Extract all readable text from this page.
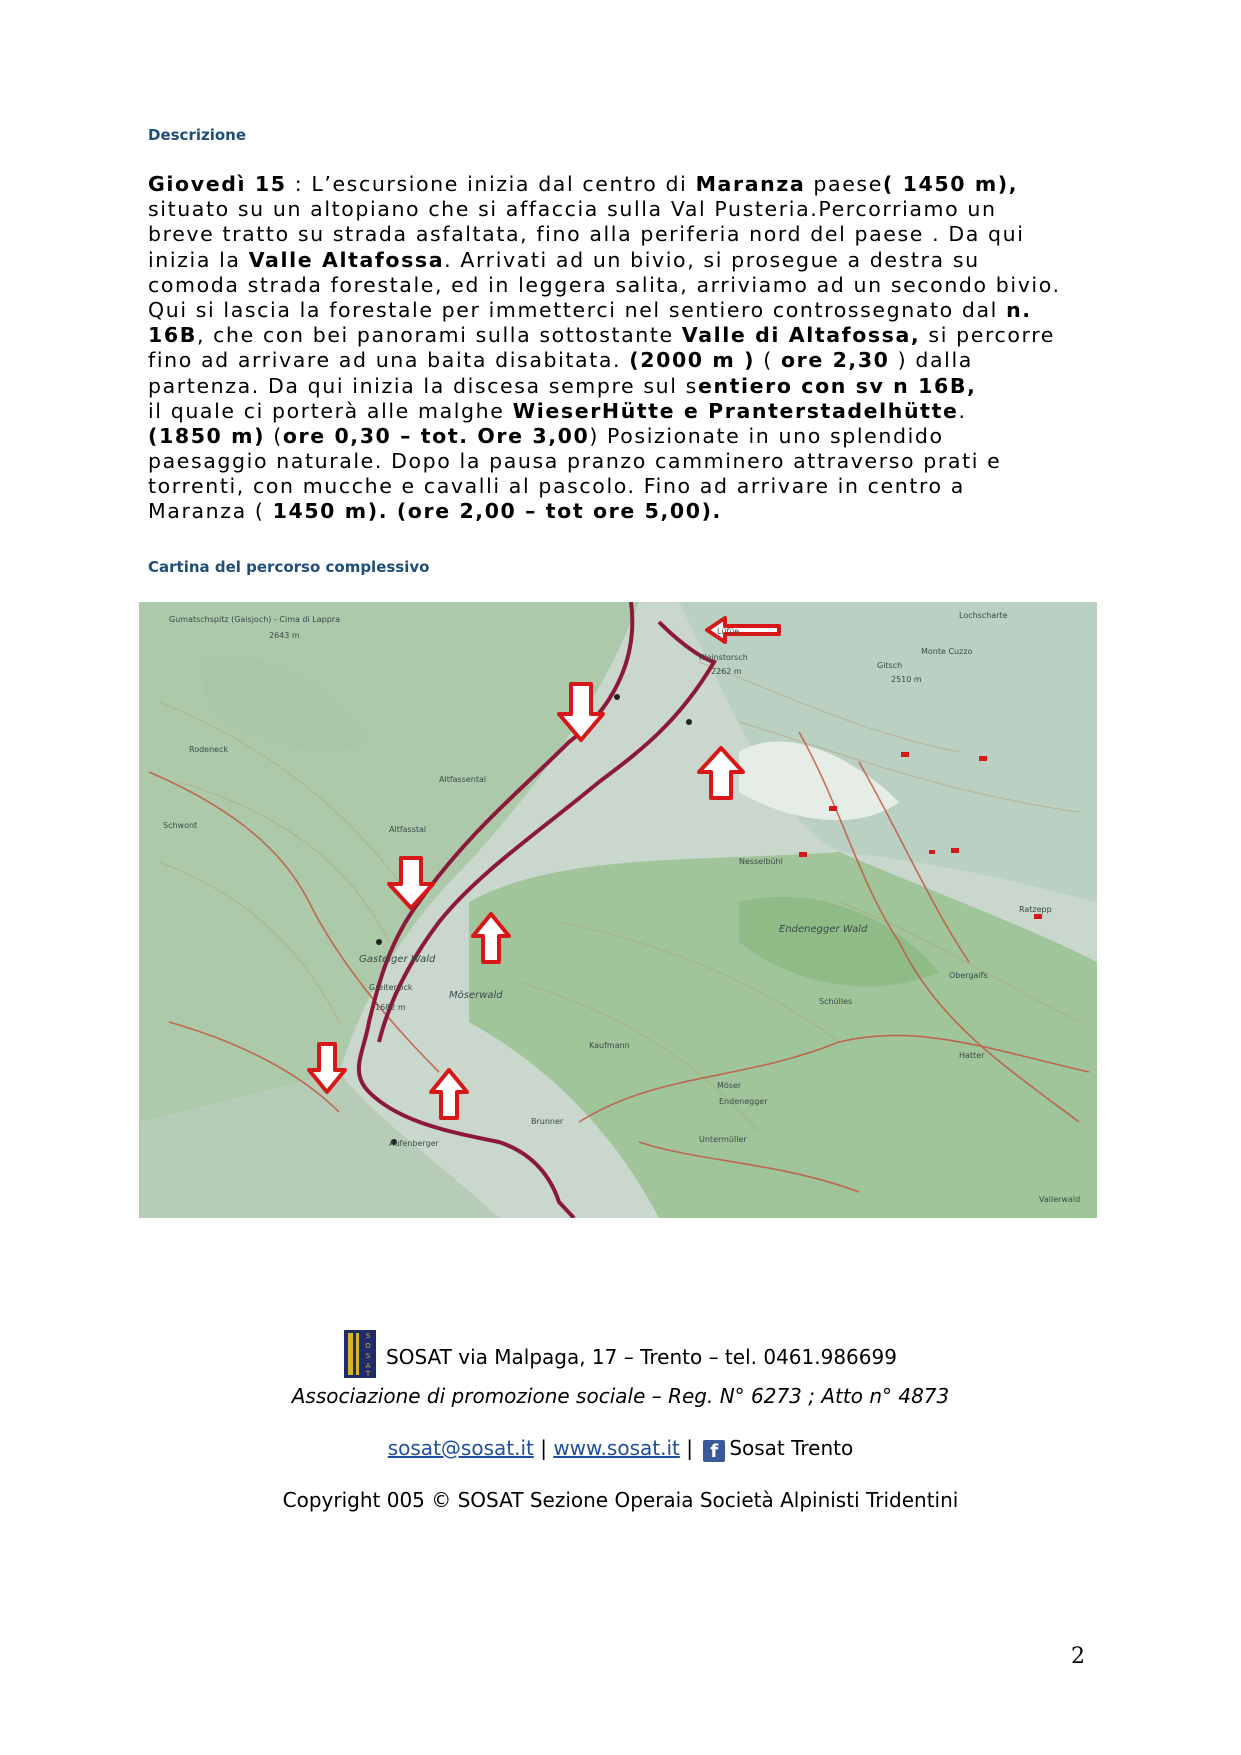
Descrizione
Giovedì 15 : L’escursione inizia dal centro di Maranza paese( 1450 m),
situato su un altopiano che si affaccia sulla Val Pusteria.Percorriamo un
breve tratto su strada asfaltata, fino alla periferia nord del paese . Da qui
inizia la Valle Altafossa. Arrivati ad un bivio, si prosegue a destra su
comoda strada forestale, ed in leggera salita, arriviamo ad un secondo bivio.
Qui si lascia la forestale per immetterci nel sentiero controssegnato dal n.
16B, che con bei panorami sulla sottostante Valle di Altafossa, si percorre
fino ad arrivare ad una baita disabitata. (2000 m ) ( ore 2,30 ) dalla
partenza. Da qui inizia la discesa sempre sul sentiero con sv n 16B,
il quale ci porterà alle malghe WieserHütte e Pranterstadelhütte.
(1850 m) (ore 0,30 – tot. Ore 3,00) Posizionate in uno splendido
paesaggio naturale. Dopo la pausa pranzo camminero attraverso prati e
torrenti, con mucche e cavalli al pascolo. Fino ad arrivare in centro a
Maranza ( 1450 m). (ore 2,00 – tot ore 5,00).
Cartina del percorso complessivo
Gumatschspitz (Gaisjoch) - Cima di Lappra
2643 m
Rodeneck
Schwont	Altfasstal
Altfassental
Gasteiger Wald
Greitenock
1682 m
Möserwald
Endenegger Wald
Kleinstorsch
2262 m
Gitsch
Monte Cuzzo
2510 m
Lüfüe
Schülles
Kaufmann
Endenegger
Möser
Untermüller
Aufenberger
Brunner
Nesselbühl
Ratzepp
Hatter
Lochscharte
Obergaifs
Vallerwald
S
O
S
A
T
SOSAT via Malpaga, 17 – Trento – tel. 0461.986699
Associazione di promozione sociale – Reg. N° 6273 ; Atto n° 4873
sosat@sosat.it | www.sosat.it | f Sosat Trento
Copyright 005 © SOSAT Sezione Operaia Società Alpinisti Tridentini
2
